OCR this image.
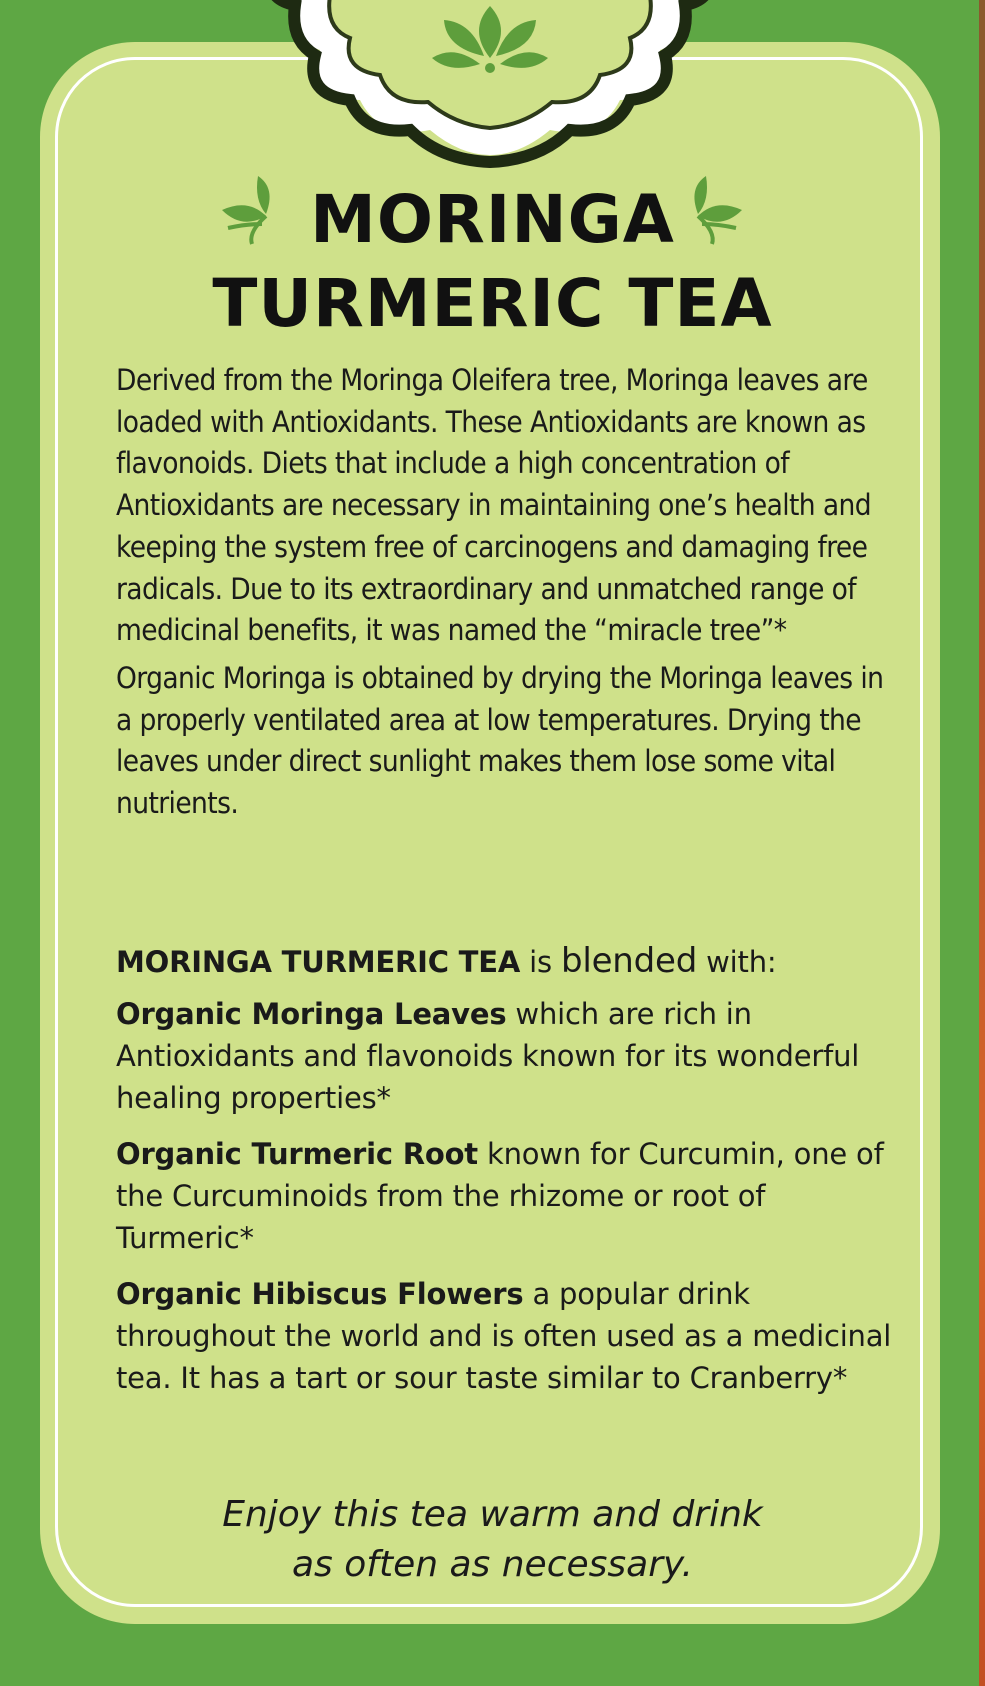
MORINGA
TURMERIC TEA

Derived from the Moringa Oleifera tree, Moringa leaves are loaded with Antioxidants. These Antioxidants are known as flavonoids. Diets that include a high concentration of Antioxidants are necessary in maintaining one’s health and keeping the system free of carcinogens and damaging free radicals. Due to its extraordinary and unmatched range of medicinal benefits, it was named the “miracle tree”*

Organic Moringa is obtained by drying the Moringa leaves in a properly ventilated area at low temperatures. Drying the leaves under direct sunlight makes them lose some vital nutrients.

MORINGA TURMERIC TEA is blended with:

Organic Moringa Leaves which are rich in Antioxidants and flavonoids known for its wonderful healing properties*

Organic Turmeric Root known for Curcumin, one of the Curcuminoids from the rhizome or root of Turmeric*

Organic Hibiscus Flowers a popular drink throughout the world and is often used as a medicinal tea. It has a tart or sour taste similar to Cranberry*

Enjoy this tea warm and drink
as often as necessary.
